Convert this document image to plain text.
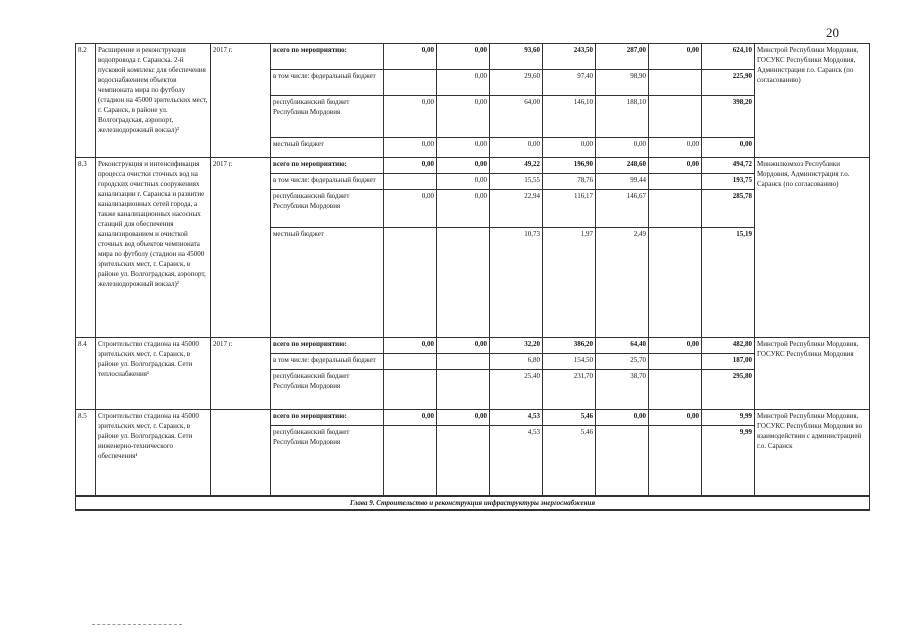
20
8.2	Расширение и реконструкция водопровода г. Саранска. 2-й пусковой комплекс для обеспечения водоснабжением объектов чемпионата мира по футболу (стадион на 45000 зрительских мест, г. Саранск, в районе ул. Волгоградская, аэропорт, железнодорожный вокзал)²	2017 г.	всего по мероприятию:	0,00	0,00	93,60	243,50	287,00	0,00	624,10	Минстрой Республики Мордовия, ГОСУКС Республики Мордовия, Администрация г.о. Саранск (по согласованию)
			в том числе: федеральный бюджет		0,00	29,60	97,40	98,90		225,90	
			республиканский бюджет Республики Мордовия	0,00	0,00	64,00	146,10	188,10		398,20	
			местный бюджет	0,00	0,00	0,00	0,00	0,00	0,00	0,00	
8.3	Реконструкция и интенсификация процесса очистки сточных вод на городских очистных сооружениях канализации г. Саранска и развитие канализационных сетей города, а также канализационных насосных станций для обеспечения канализированием и очисткой сточных вод объектов чемпионата мира по футболу (стадион на 45000 зрительских мест, г. Саранск, в районе ул. Волгоградская, аэропорт, железнодорожный вокзал)²	2017 г.	всего по мероприятию:	0,00	0,00	49,22	196,90	248,60	0,00	494,72	Минжилкомхоз Республики Мордовия, Администрация г.о. Саранск (по согласованию)
			в том числе: федеральный бюджет		0,00	15,55	78,76	99,44		193,75	
			республиканский бюджет Республики Мордовия	0,00	0,00	22,94	116,17	146,67		285,78	
			местный бюджет			10,73	1,97	2,49		15,19	
8.4	Строительство стадиона на 45000 зрительских мест, г. Саранск, в районе ул. Волгоградская. Сети теплоснабжения¹	2017 г.	всего по мероприятию:	0,00	0,00	32,20	386,20	64,40	0,00	482,80	Минстрой Республики Мордовия, ГОСУКС Республики Мордовия
			в том числе: федеральный бюджет			6,80	154,50	25,70		187,00	
			республиканский бюджет Республики Мордовия			25,40	231,70	38,70		295,80	
8.5	Строительство стадиона на 45000 зрительских мест, г. Саранск, в районе ул. Волгоградская. Сети инженерно-технического обеспечения¹		всего по мероприятию:	0,00	0,00	4,53	5,46	0,00	0,00	9,99	Минстрой Республики Мордовия, ГОСУКС Республики Мордовия во взаимодействии с администрацией г.о. Саранск
			республиканский бюджет Республики Мордовия			4,53	5,46			9,99	
Глава 9. Строительство и реконструкция инфраструктуры энергоснабжения											
